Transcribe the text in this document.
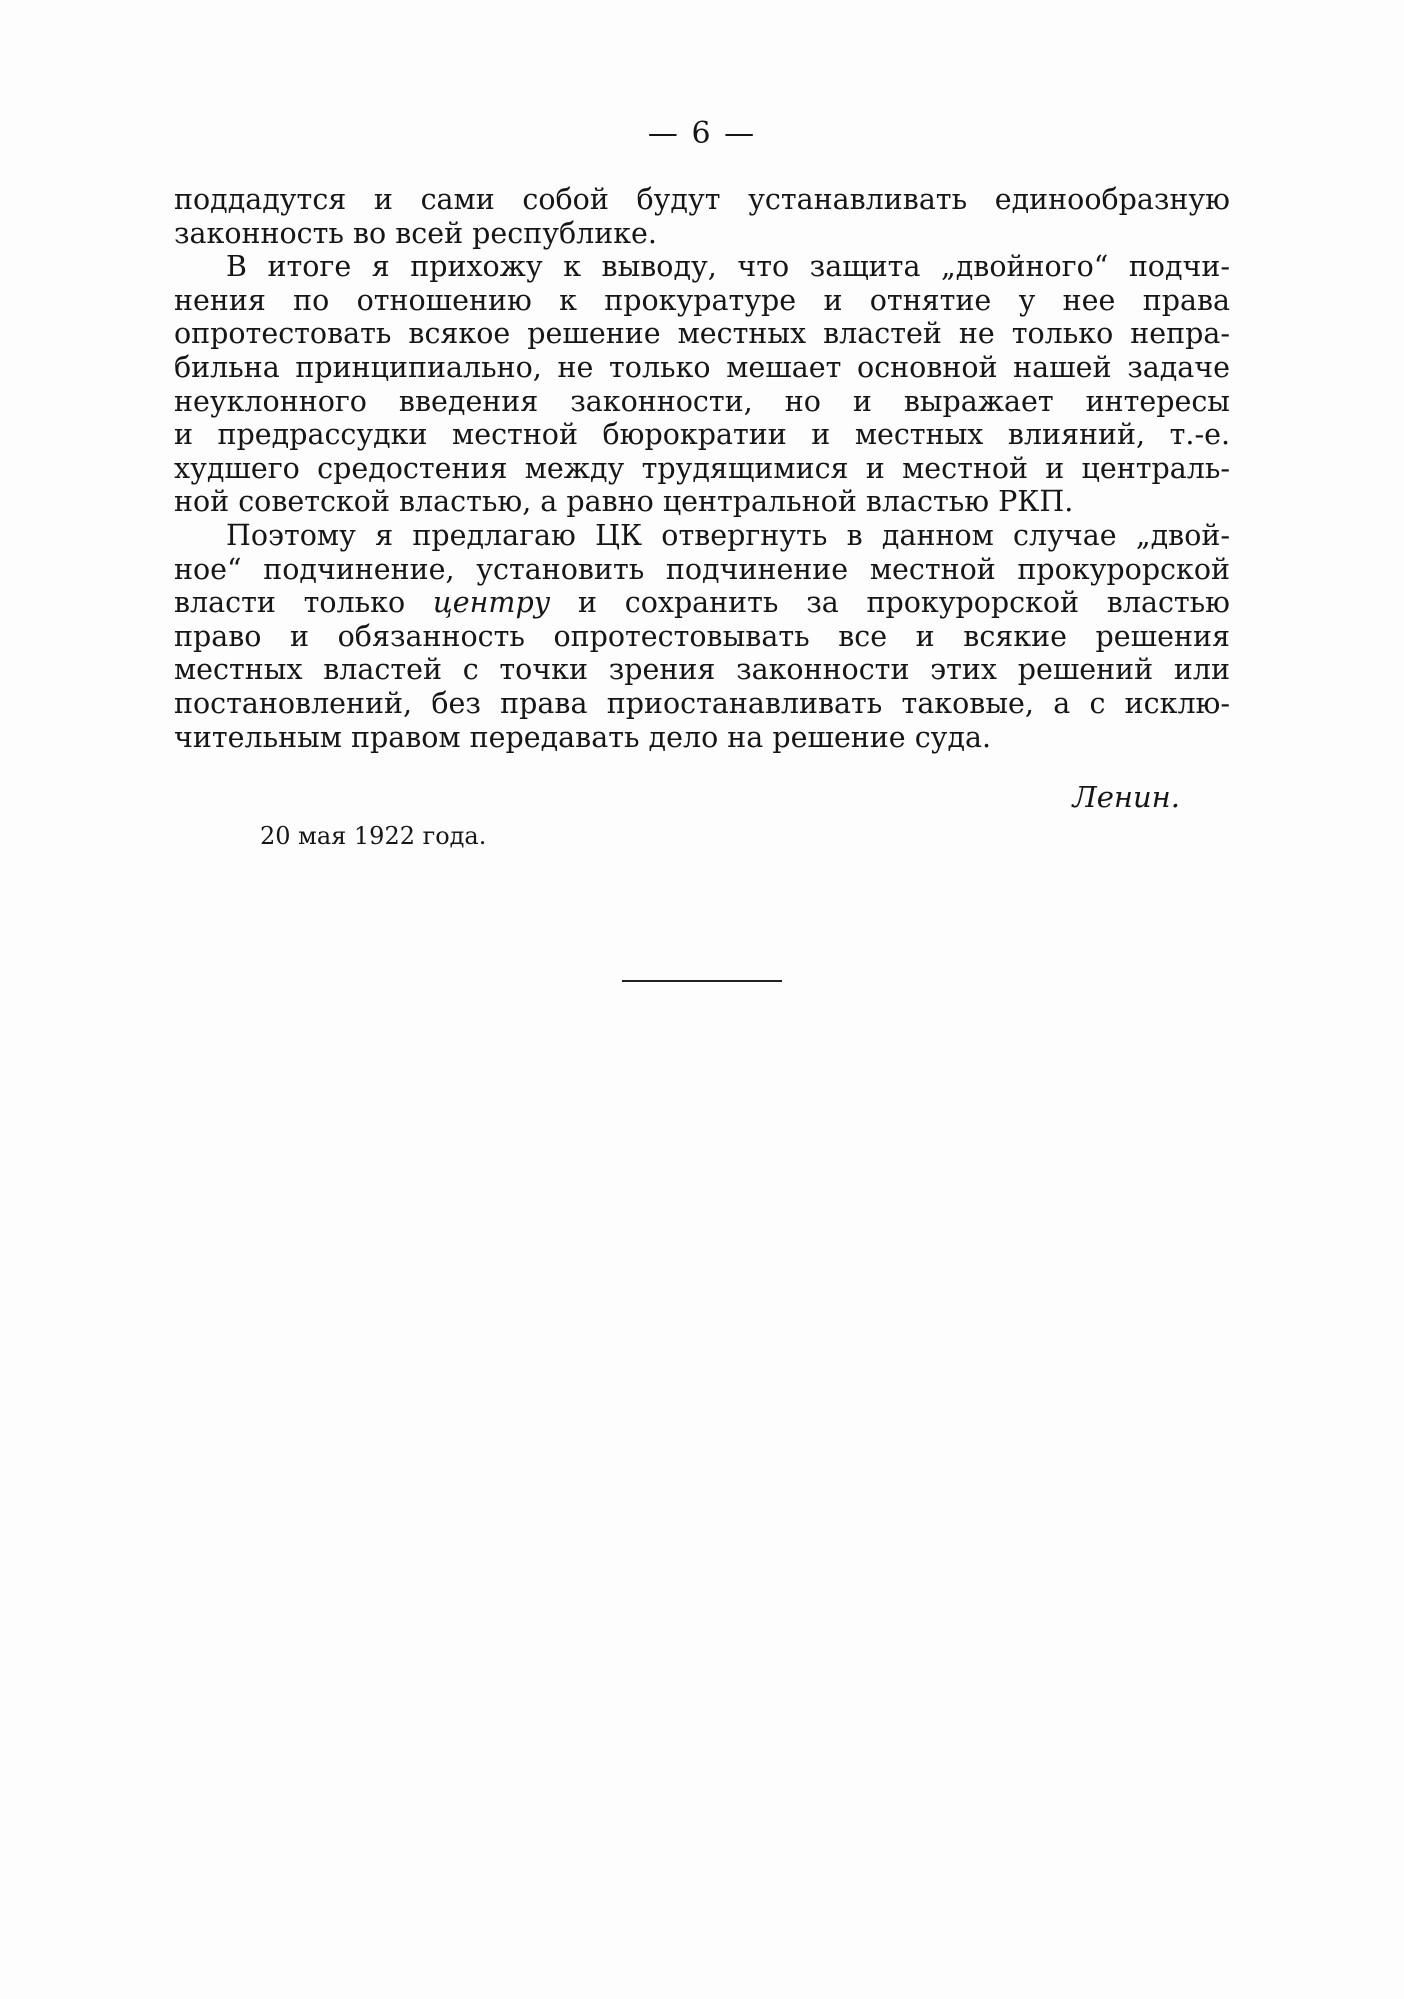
— 6 —
поддадутся и сами собой будут устанавливать единообразную
законность во всей республике.
В итоге я прихожу к выводу, что защита „двойного“ подчи-
нения по отношению к прокуратуре и отнятие у нее права
опротестовать всякое решение местных властей не только непра-
бильна принципиально, не только мешает основной нашей задаче
неуклонного введения законности, но и выражает интересы
и предрассудки местной бюрократии и местных влияний, т.-е.
худшего средостения между трудящимися и местной и централь-
ной советской властью, а равно центральной властью РКП.
Поэтому я предлагаю ЦК отвергнуть в данном случае „двой-
ное“ подчинение, установить подчинение местной прокурорской
власти только центру и сохранить за прокурорской властью
право и обязанность опротестовывать все и всякие решения
местных властей с точки зрения законности этих решений или
постановлений, без права приостанавливать таковые, а с исклю-
чительным правом передавать дело на решение суда.
Ленин.
20 мая 1922 года.
